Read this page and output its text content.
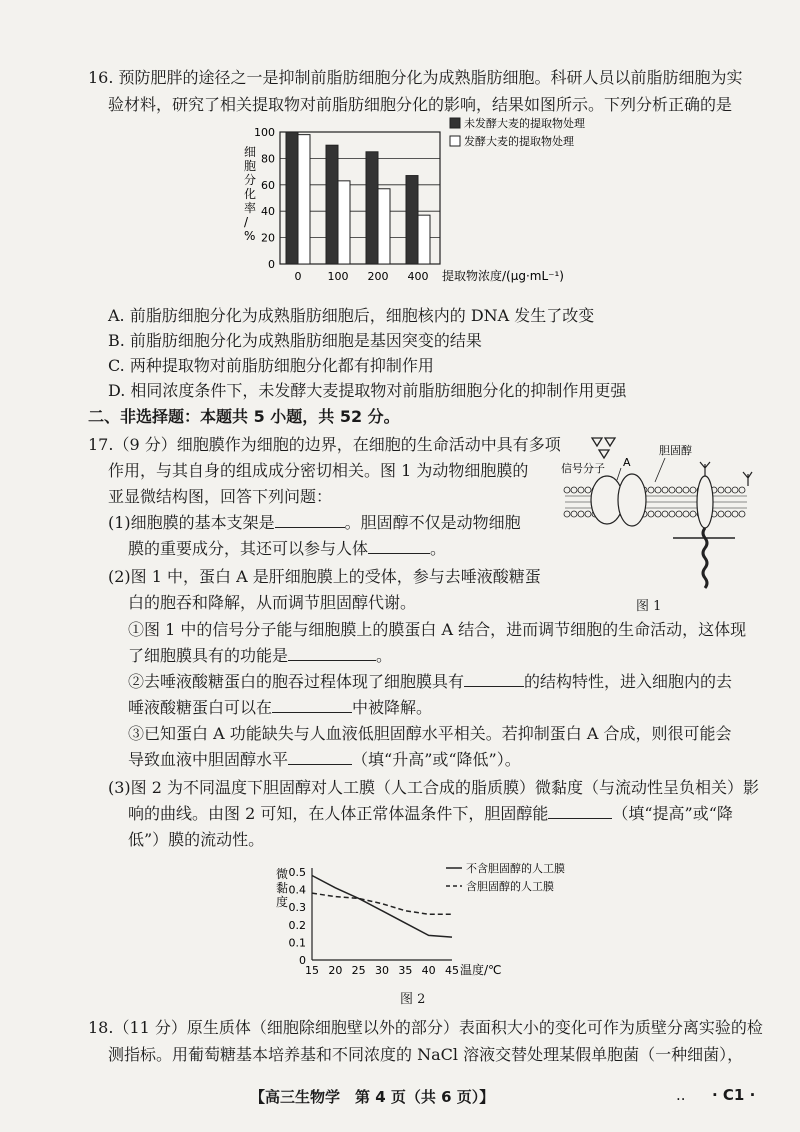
16. 预防肥胖的途径之一是抑制前脂肪细胞分化为成熟脂肪细胞。科研人员以前脂肪细胞为实
验材料，研究了相关提取物对前脂肪细胞分化的影响，结果如图所示。下列分析正确的是
0
20
40
60
80
100
0 100 200 400
细胞分化率/ %
提取物浓度/(μg·mL⁻¹)
未发酵大麦的提取物处理
发酵大麦的提取物处理
A. 前脂肪细胞分化为成熟脂肪细胞后，细胞核内的 DNA 发生了改变
B. 前脂肪细胞分化为成熟脂肪细胞是基因突变的结果
C. 两种提取物对前脂肪细胞分化都有抑制作用
D. 相同浓度条件下，未发酵大麦提取物对前脂肪细胞分化的抑制作用更强
二、非选择题：本题共 5 小题，共 52 分。
17.（9 分）细胞膜作为细胞的边界，在细胞的生命活动中具有多项
作用，与其自身的组成成分密切相关。图 1 为动物细胞膜的
亚显微结构图，回答下列问题：
(1)细胞膜的基本支架是	。胆固醇不仅是动物细胞
膜的重要成分，其还可以参与人体	。
(2)图 1 中，蛋白 A 是肝细胞膜上的受体，参与去唾液酸糖蛋
白的胞吞和降解，从而调节胆固醇代谢。
信号分子 A
胆固醇
图 1
①图 1 中的信号分子能与细胞膜上的膜蛋白 A 结合，进而调节细胞的生命活动，这体现
了细胞膜具有的功能是	。
②去唾液酸糖蛋白的胞吞过程体现了细胞膜具有	的结构特性，进入细胞内的去
唾液酸糖蛋白可以在	中被降解。
③已知蛋白 A 功能缺失与人血液低胆固醇水平相关。若抑制蛋白 A 合成，则很可能会
导致血液中胆固醇水平	（填“升高”或“降低”）。
(3)图 2 为不同温度下胆固醇对人工膜（人工合成的脂质膜）微黏度（与流动性呈负相关）影
响的曲线。由图 2 可知，在人体正常体温条件下，胆固醇能	（填“提高”或“降
低”）膜的流动性。
0
0.1
0.2
0.3
0.4
0.5
15 20 25 30 35 40 45
微黏度
温度/℃
不含胆固醇的人工膜
含胆固醇的人工膜
图 2
18.（11 分）原生质体（细胞除细胞壁以外的部分）表面积大小的变化可作为质壁分离实验的检
测指标。用葡萄糖基本培养基和不同浓度的 NaCl 溶液交替处理某假单胞菌（一种细菌），
【高三生物学　第 4 页（共 6 页）】	.. · C1 ·
